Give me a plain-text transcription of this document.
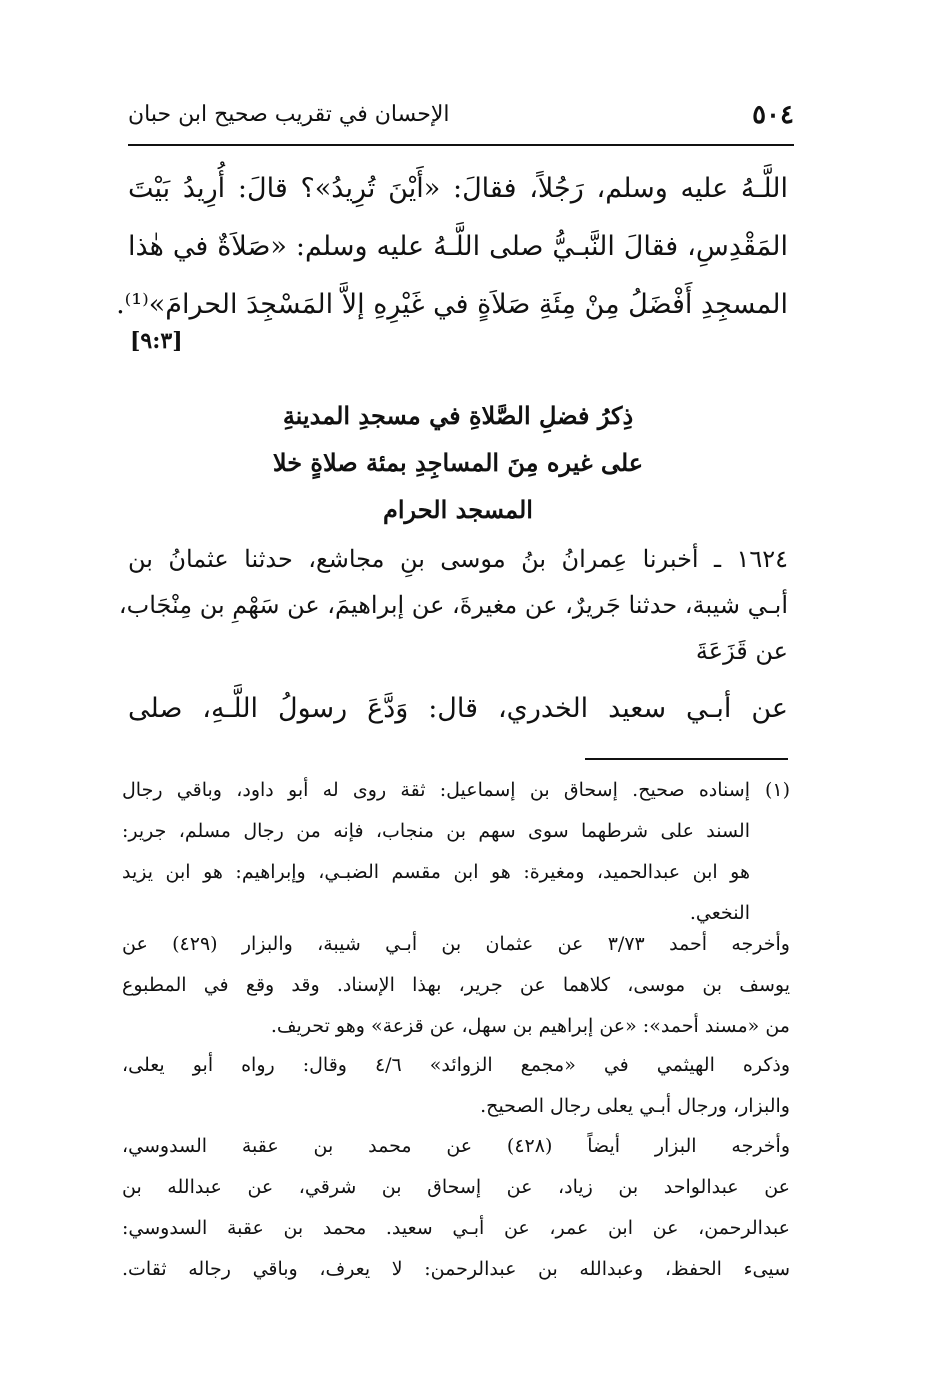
٥٠٤
الإحسان في تقريب صحيح ابن حبان
اللَّـهُ عليه وسلم، رَجُلاً، فقالَ: «أَيْنَ تُرِيدُ»؟ قالَ: أُرِيدُ بَيْتَ
المَقْدِسِ، فقالَ النَّبـيُّ صلى اللَّـهُ عليه وسلم: «صَلاَةٌ في هٰذا
المسجِدِ أَفْضَلُ مِنْ مِئَةِ صَلاَةٍ في غَيْرِهِ إلاَّ المَسْجِدَ الحرامَ»⁽¹⁾.
[٩:٣]
ذِكرُ فضلِ الصَّلاةِ في مسجدِ المدينةِ
على غيره مِنَ المساجِدِ بمئة صلاةٍ خلا
المسجد الحرام
١٦٢٤ ـ أخبرنا عِمرانُ بنُ موسى بنِ مجاشع، حدثنا عثمانُ بن
أبـي شيبة، حدثنا جَريرٌ، عن مغيرةَ، عن إبراهيمَ، عن سَهْمِ بن مِنْجَاب،
عن قَزَعَةَ
عن أبـي سعيد الخدري، قال: وَدَّعَ رسولُ اللَّـهِ، صلى
(١)
إسناده صحيح. إسحاق بن إسماعيل: ثقة روى له أبو داود، وباقي رجال
السند على شرطهما سوى سهم بن منجاب، فإنه من رجال مسلم، جرير:
هو ابن عبدالحميد، ومغيرة: هو ابن مقسم الضبـي، وإبراهيم: هو ابن يزيد
النخعي.
وأخرجه أحمد ٣/٧٣ عن عثمان بن أبـي شيبة، والبزار (٤٢٩) عن
يوسف بن موسى، كلاهما عن جرير، بهذا الإسناد. وقد وقع في المطبوع
من «مسند أحمد»: «عن إبراهيم بن سهل، عن قزعة» وهو تحريف.
وذكره الهيثمي في «مجمع الزوائد» ٤/٦ وقال: رواه أبو يعلى،
والبزار، ورجال أبـي يعلى رجال الصحيح.
وأخرجه البزار أيضاً (٤٢٨) عن محمد بن عقبة السدوسي،
عن عبدالواحد بن زياد، عن إسحاق بن شرقي، عن عبدالله بن
عبدالرحمن، عن ابن عمر، عن أبـي سعيد. محمد بن عقبة السدوسي:
سيىء الحفظ، وعبدالله بن عبدالرحمن: لا يعرف، وباقي رجاله ثقات.
